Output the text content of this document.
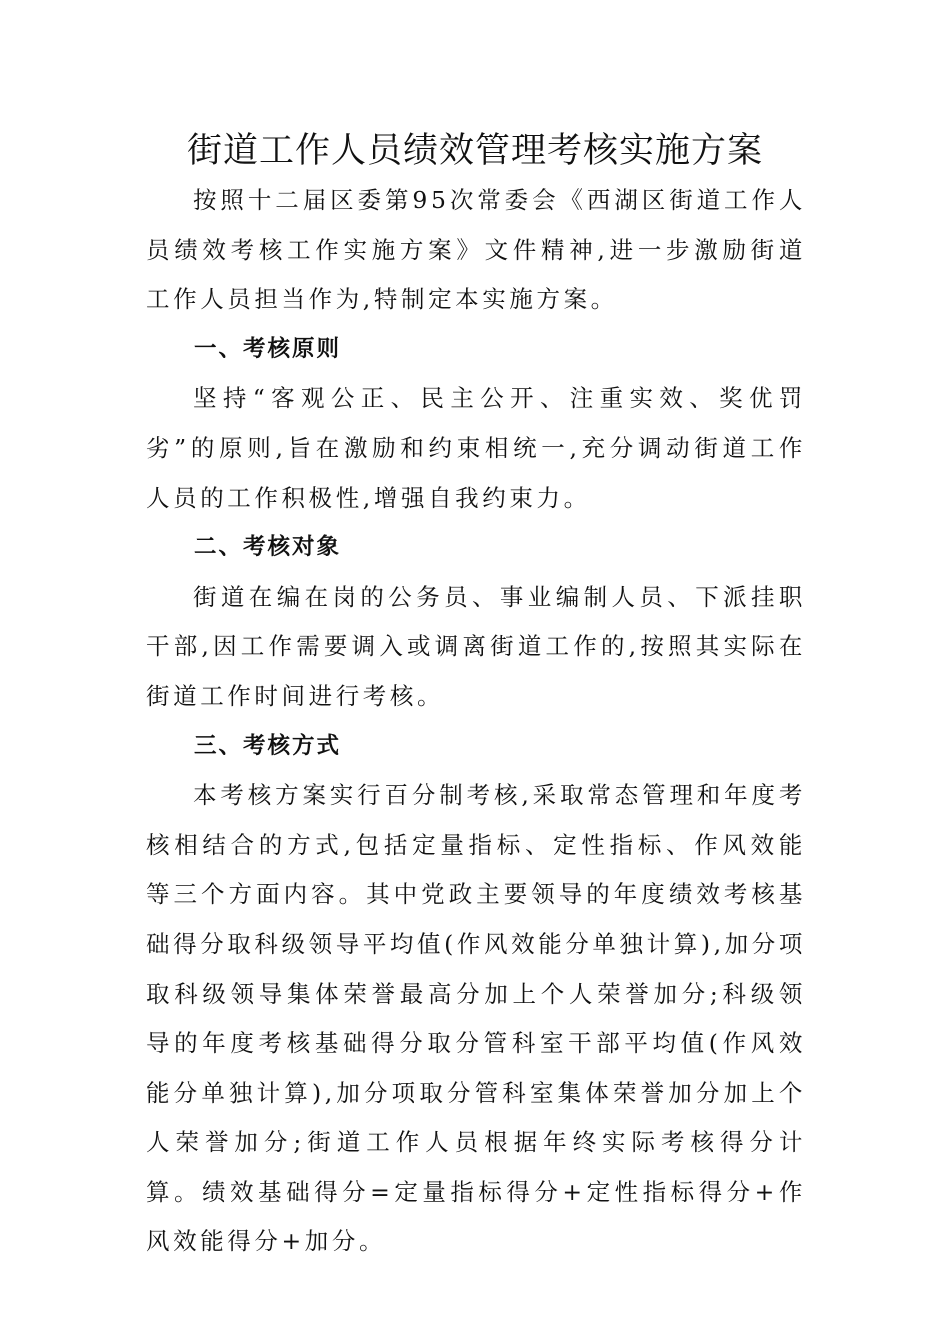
街道工作人员绩效管理考核实施方案

按照十二届区委第95次常委会《西湖区街道工作人员绩效考核工作实施方案》文件精神,进一步激励街道工作人员担当作为,特制定本实施方案。

一、考核原则

坚持“客观公正、民主公开、注重实效、奖优罚劣”的原则,旨在激励和约束相统一,充分调动街道工作人员的工作积极性,增强自我约束力。

二、考核对象

街道在编在岗的公务员、事业编制人员、下派挂职干部,因工作需要调入或调离街道工作的,按照其实际在街道工作时间进行考核。

三、考核方式

本考核方案实行百分制考核,采取常态管理和年度考核相结合的方式,包括定量指标、定性指标、作风效能等三个方面内容。其中党政主要领导的年度绩效考核基础得分取科级领导平均值(作风效能分单独计算),加分项取科级领导集体荣誉最高分加上个人荣誉加分;科级领导的年度考核基础得分取分管科室干部平均值(作风效能分单独计算),加分项取分管科室集体荣誉加分加上个人荣誉加分;街道工作人员根据年终实际考核得分计算。绩效基础得分=定量指标得分+定性指标得分+作风效能得分+加分。
